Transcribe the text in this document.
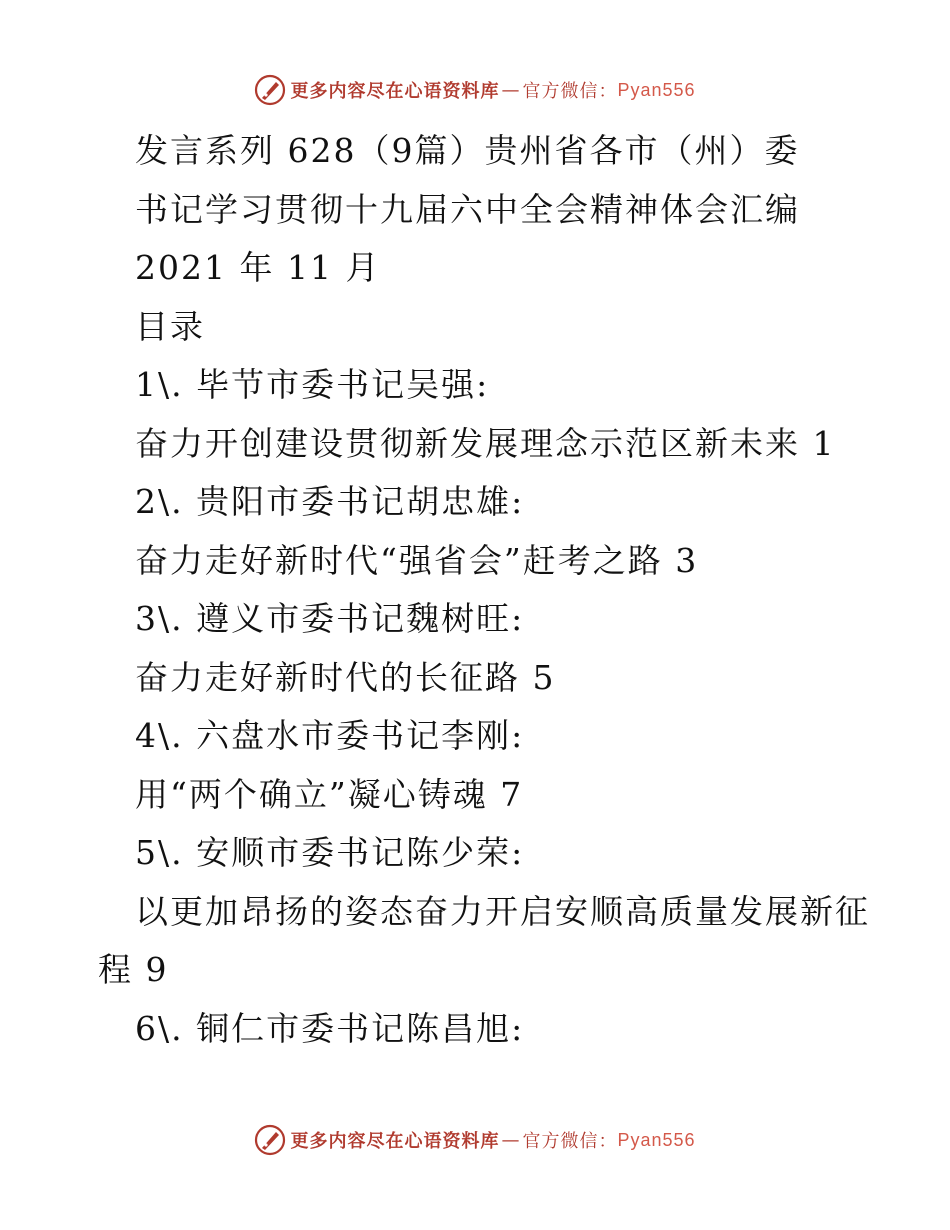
更多内容尽在心语资料库 — 官方微信： Pyan556
发言系列 628（9篇）贵州省各市（州）委
书记学习贯彻十九届六中全会精神体会汇编
2021 年 11 月
目录
1\. 毕节市委书记吴强:
奋力开创建设贯彻新发展理念示范区新未来 1
2\. 贵阳市委书记胡忠雄:
奋力走好新时代“强省会”赶考之路 3
3\. 遵义市委书记魏树旺:
奋力走好新时代的长征路 5
4\. 六盘水市委书记李刚:
用“两个确立”凝心铸魂 7
5\. 安顺市委书记陈少荣:
以更加昂扬的姿态奋力开启安顺高质量发展新征
程 9
6\. 铜仁市委书记陈昌旭:
更多内容尽在心语资料库 — 官方微信： Pyan556
